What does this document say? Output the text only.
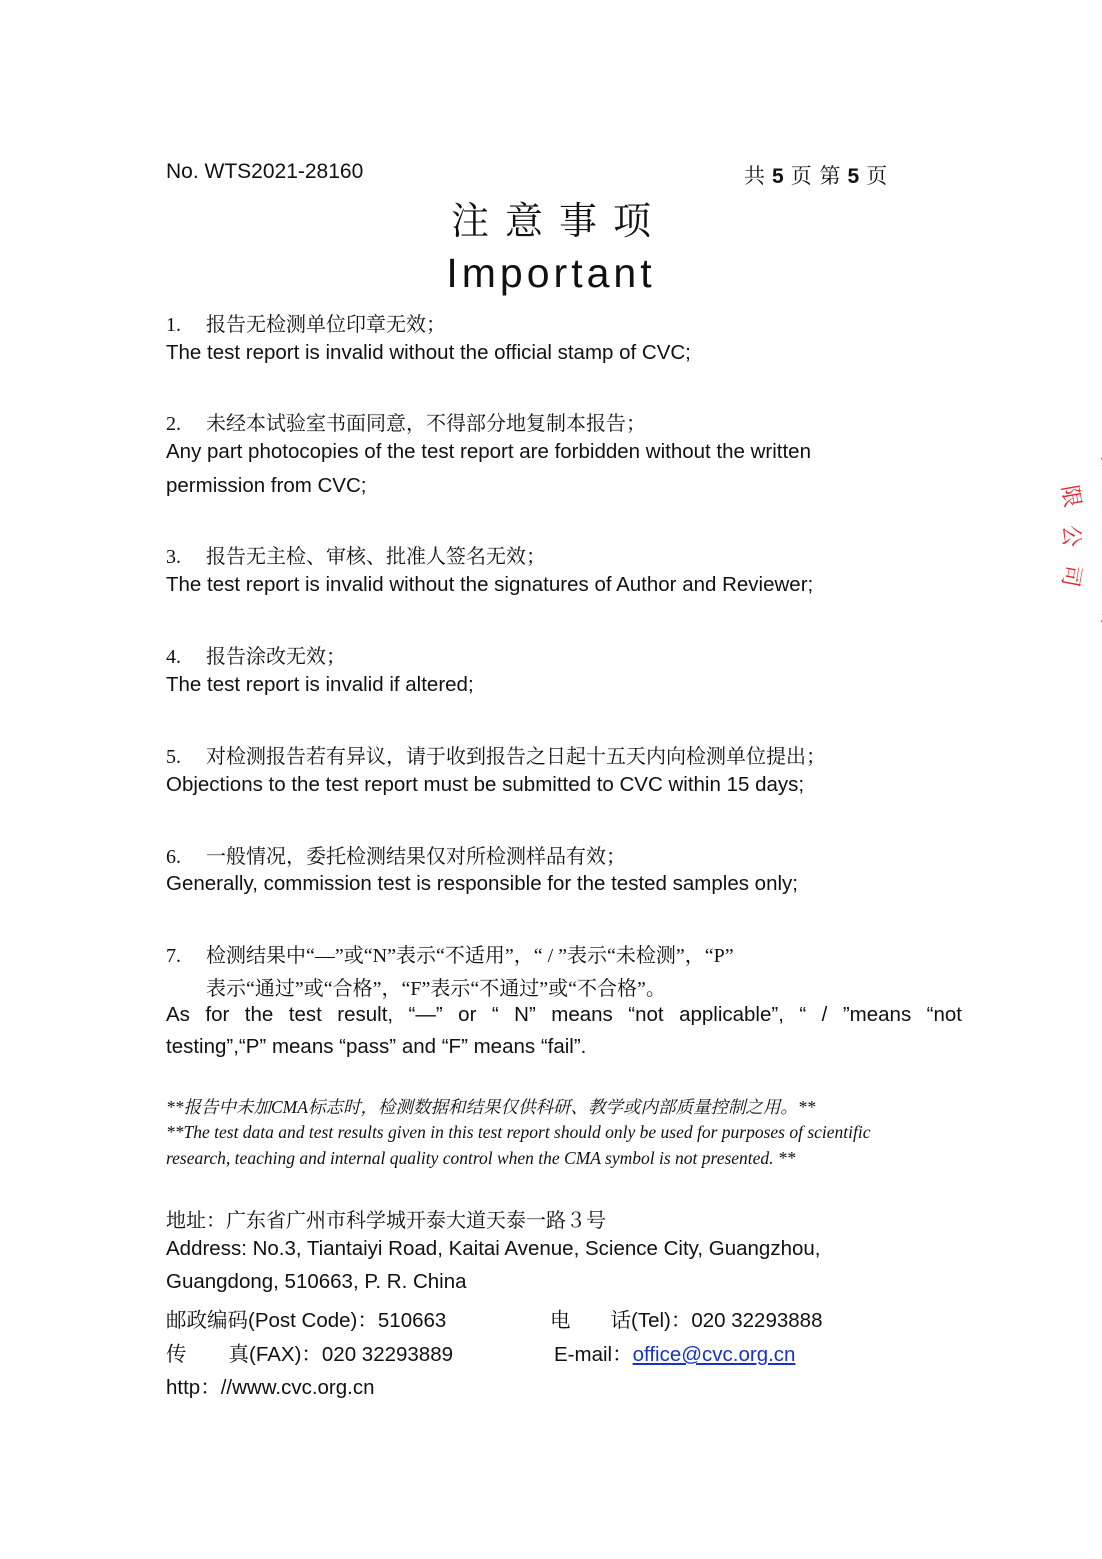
No. WTS2021-28160	共 5 页 第 5 页
注意事项
Important
1. 报告无检测单位印章无效；
The test report is invalid without the official stamp of CVC;
2. 未经本试验室书面同意，不得部分地复制本报告；
Any part photocopies of the test report are forbidden without the written
permission from CVC;
3. 报告无主检、审核、批准人签名无效；
The test report is invalid without the signatures of Author and Reviewer;
4. 报告涂改无效；
The test report is invalid if altered;
5. 对检测报告若有异议，请于收到报告之日起十五天内向检测单位提出；
Objections to the test report must be submitted to CVC within 15 days;
6. 一般情况，委托检测结果仅对所检测样品有效；
Generally, commission test is responsible for the tested samples only;
7. 检测结果中“—”或“N”表示“不适用”，“ / ”表示“未检测”，“P”
表示“通过”或“合格”，“F”表示“不通过”或“不合格”。
As for the test result, “—” or “ N” means “not applicable”, “ / ”means “not
testing”,“P” means “pass” and “F” means “fail”.
**报告中未加CMA标志时，检测数据和结果仅供科研、教学或内部质量控制之用。**
**The test data and test results given in this test report should only be used for purposes of scientific
research, teaching and internal quality control when the CMA symbol is not presented. **
地址：广东省广州市科学城开泰大道天泰一路３号
Address: No.3, Tiantaiyi Road, Kaitai Avenue, Science City, Guangzhou,
Guangdong, 510663, P. R. China
邮政编码(Post Code)：510663	电 话(Tel)：020 32293888
传 真(FAX)：020 32293889	E-mail：office@cvc.org.cn
http：//www.cvc.org.cn
限
公
司
